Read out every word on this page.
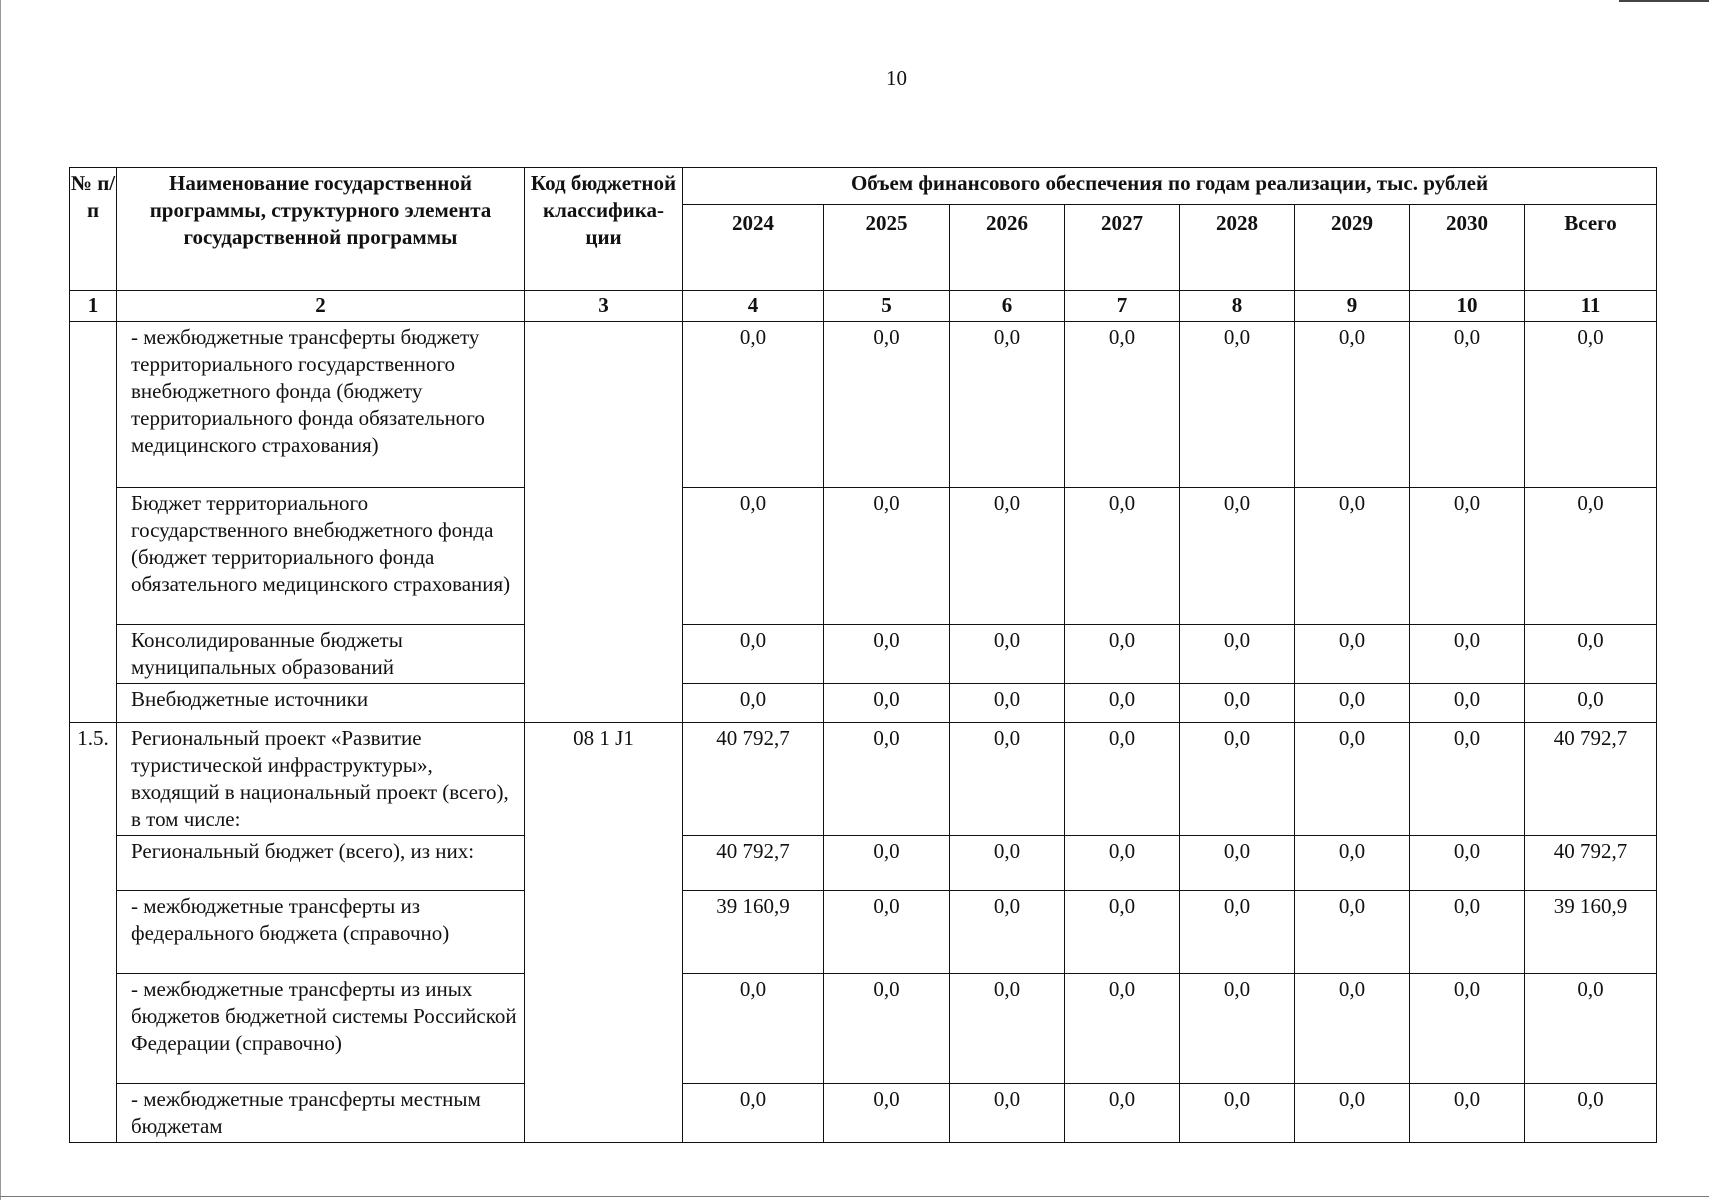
10
№ п/п	Наименование государственной программы, структурного элемента государственной программы	Код бюджетной классифика-ции	Объем финансового обеспечения по годам реализации, тыс. рублей							
			2024	2025	2026	2027	2028	2029	2030	Всего
1	2	3	4	5	6	7	8	9	10	11
	- межбюджетные трансферты бюджету территориального государственного внебюджетного фонда (бюджету территориального фонда обязательного медицинского страхования)		0,0	0,0	0,0	0,0	0,0	0,0	0,0	0,0
	Бюджет территориального государственного внебюджетного фонда (бюджет территориального фонда обязательного медицинского страхования)		0,0	0,0	0,0	0,0	0,0	0,0	0,0	0,0
	Консолидированные бюджеты муниципальных образований		0,0	0,0	0,0	0,0	0,0	0,0	0,0	0,0
	Внебюджетные источники		0,0	0,0	0,0	0,0	0,0	0,0	0,0	0,0
1.5.	Региональный проект «Развитие туристической инфраструктуры», входящий в национальный проект (всего), в том числе:	08 1 J1	40 792,7	0,0	0,0	0,0	0,0	0,0	0,0	40 792,7
	Региональный бюджет (всего), из них:		40 792,7	0,0	0,0	0,0	0,0	0,0	0,0	40 792,7
	- межбюджетные трансферты из федерального бюджета (справочно)		39 160,9	0,0	0,0	0,0	0,0	0,0	0,0	39 160,9
	- межбюджетные трансферты из иных бюджетов бюджетной системы Российской Федерации (справочно)		0,0	0,0	0,0	0,0	0,0	0,0	0,0	0,0
	- межбюджетные трансферты местным бюджетам		0,0	0,0	0,0	0,0	0,0	0,0	0,0	0,0
